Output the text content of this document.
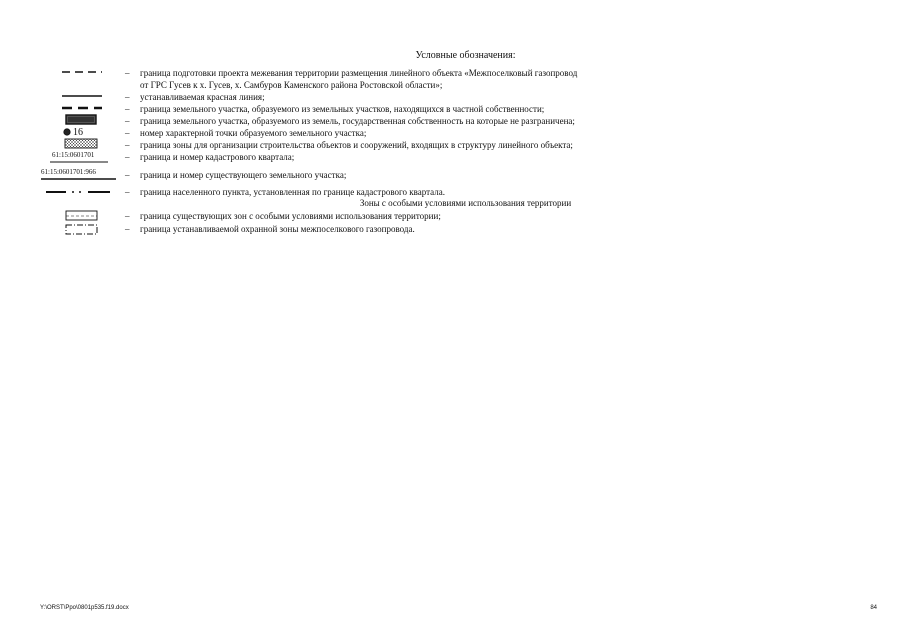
Условные обозначения:
– граница подготовки проекта межевания территории размещения линейного объекта «Межпоселковый газопровод
от ГРС Гусев к х. Гусев, х. Самбуров Каменского района Ростовской области»;
– устанавливаемая красная линия;
– граница земельного участка, образуемого из земельных участков, находящихся в частной собственности;
– граница земельного участка, образуемого из земель, государственная собственность на которые не разграничена;
16	– номер характерной точки образуемого земельного участка;
– граница зоны для организации строительства объектов и сооружений, входящих в структуру линейного объекта;
61:15:0601701	– граница и номер кадастрового квартала;
61:15:0601701:966	– граница и номер существующего земельного участка;
– граница населенного пункта, установленная по границе кадастрового квартала.
Зоны с особыми условиями использования территории
– граница существующих зон с особыми условиями использования территории;
– граница устанавливаемой охранной зоны межпоселкового газопровода.
Y:\ORST\Ppo\0801p535.f19.docx	84
